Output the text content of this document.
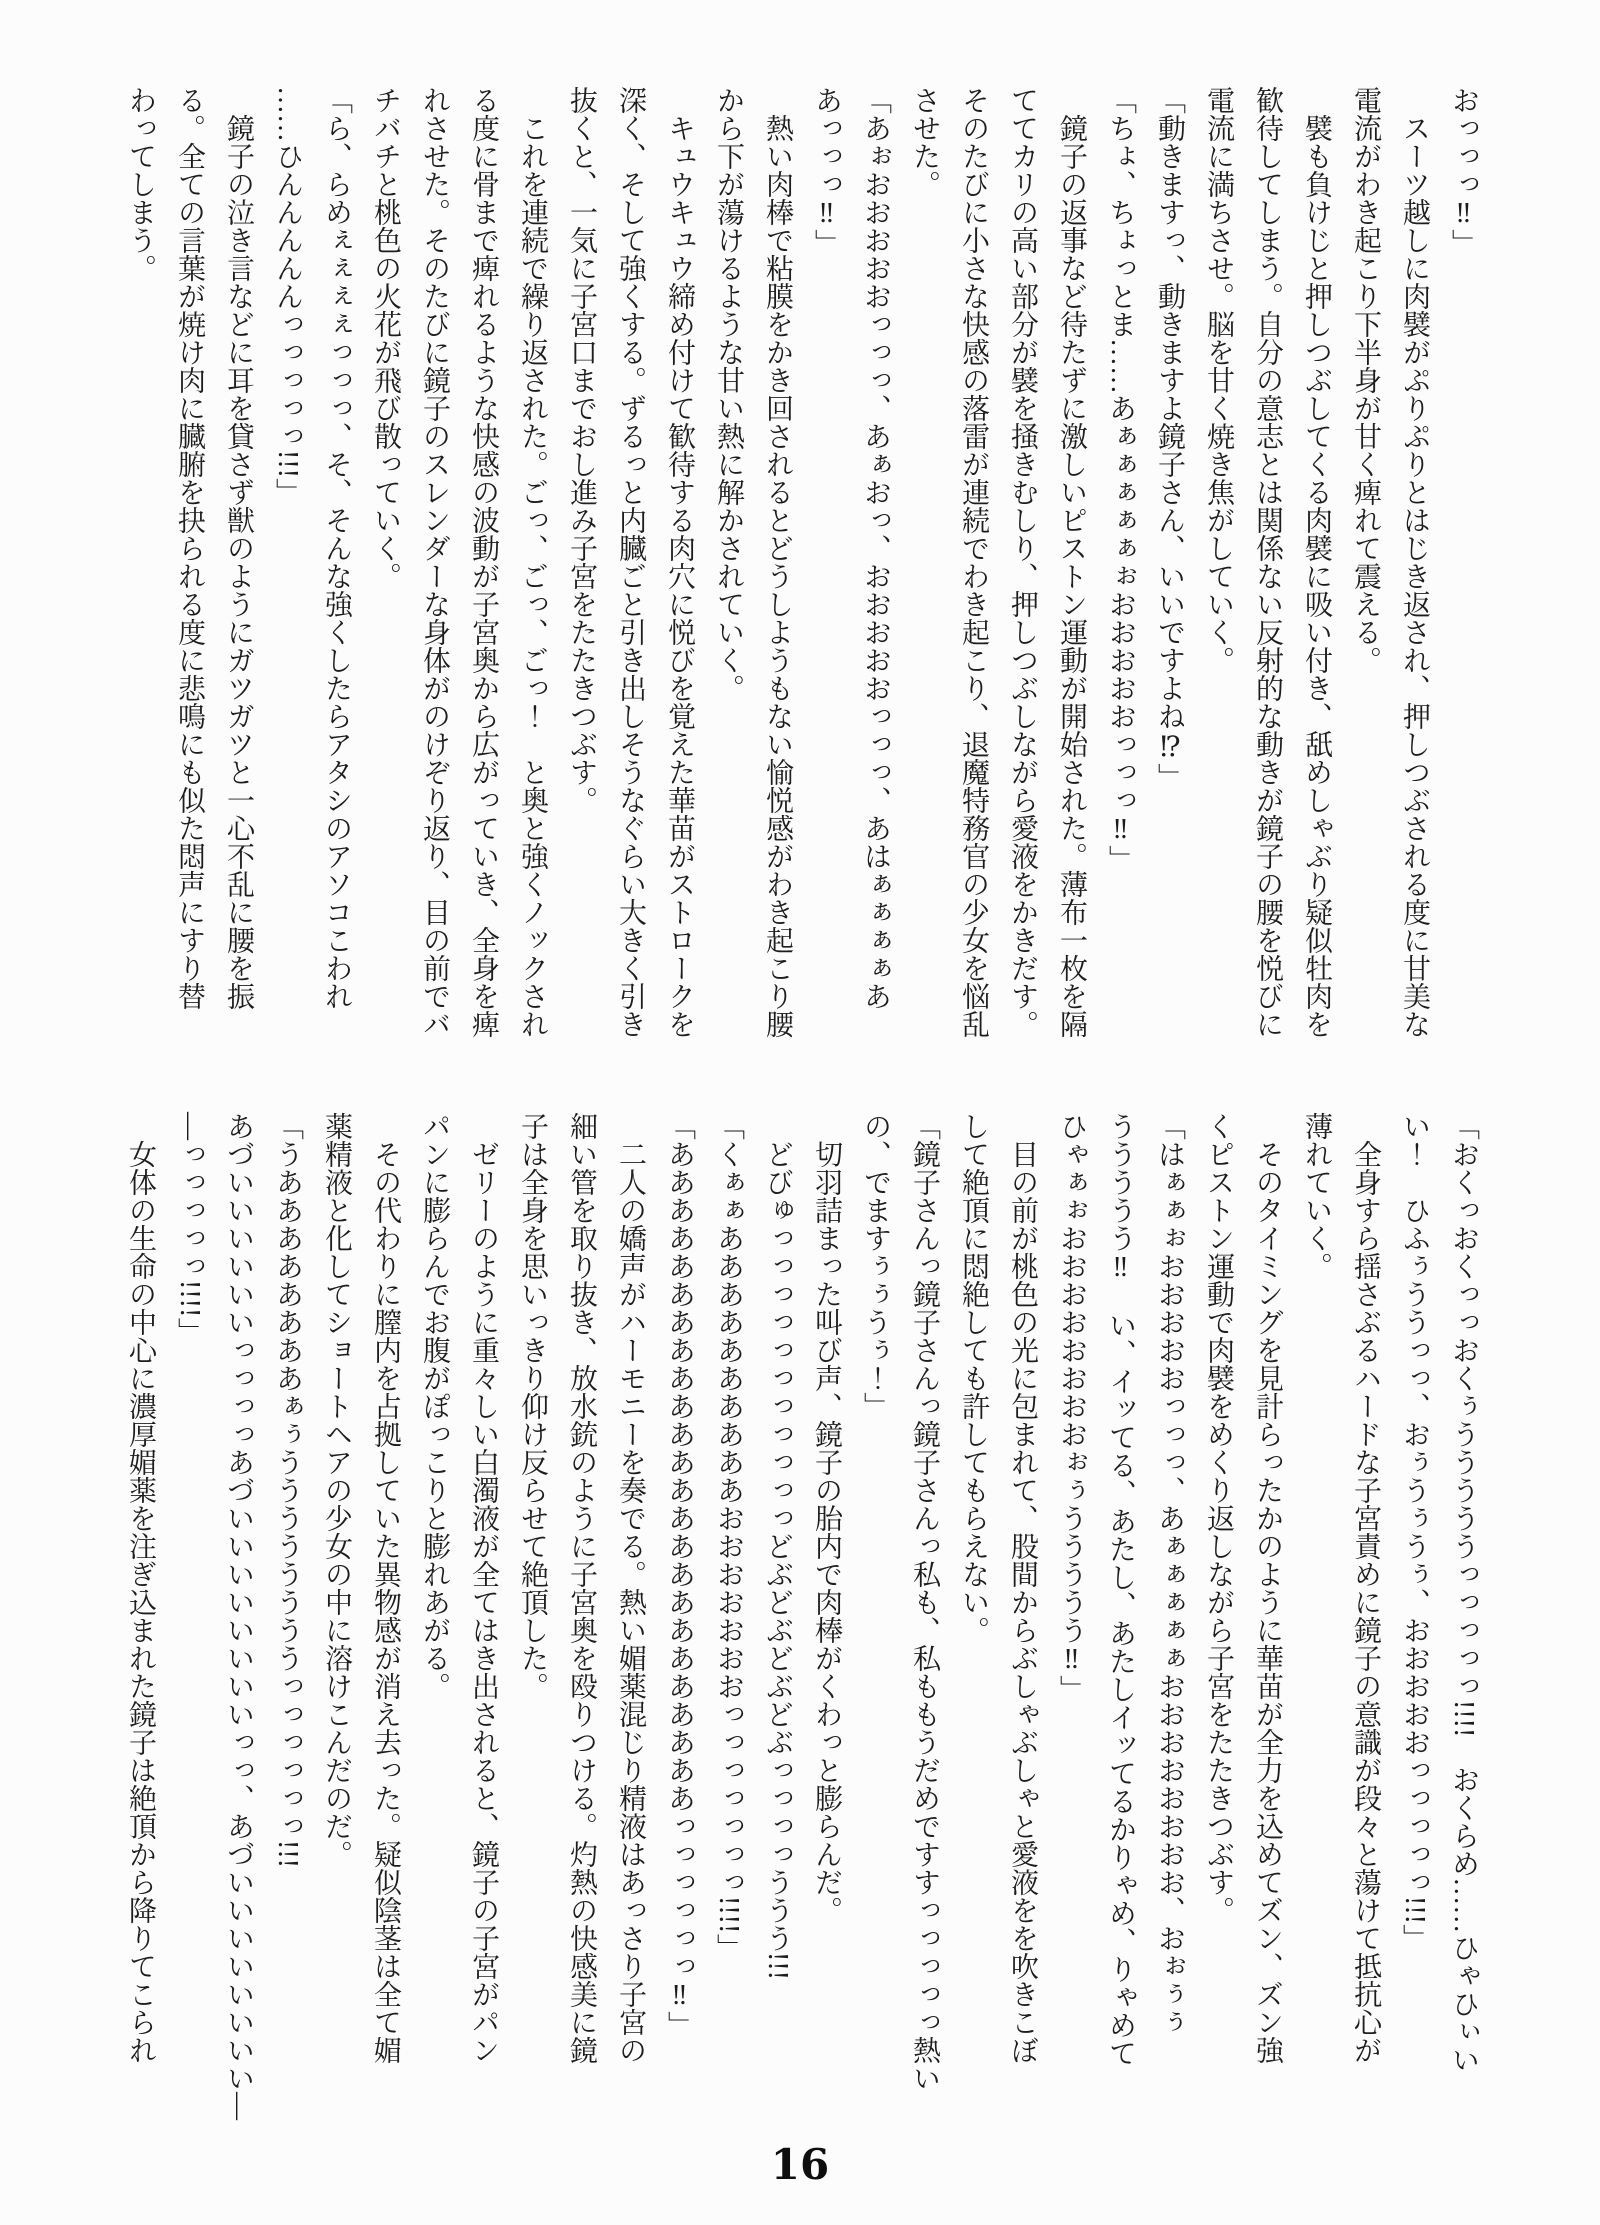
おっっっ‼」

スーツ越しに肉襞がぷりぷりとはじき返され、押しつぶされる度に甘美な

電流がわき起こり下半身が甘く痺れて震える。

襞も負けじと押しつぶしてくる肉襞に吸い付き、舐めしゃぶり疑似牡肉を

歓待してしまう。自分の意志とは関係ない反射的な動きが鏡子の腰を悦びに

電流に満ちさせ。脳を甘く焼き焦がしていく。

「動きますっ、動きますよ鏡子さん、いいですよね⁉」

「ちょ、ちょっとま……あぁぁぁぁぁぉおおおおおっっっ‼」

鏡子の返事など待たずに激しいピストン運動が開始された。薄布一枚を隔

ててカリの高い部分が襞を掻きむしり、押しつぶしながら愛液をかきだす。

そのたびに小さな快感の落雷が連続でわき起こり、退魔特務官の少女を悩乱

させた。

「あぉおおおおおっっっ、あぁおっ、おおおおおっっっ、あはぁぁぁぁあ

あっっっ‼」

熱い肉棒で粘膜をかき回されるとどうしようもない愉悦感がわき起こり腰

から下が蕩けるような甘い熱に解かされていく。

キュウキュウ締め付けて歓待する肉穴に悦びを覚えた華苗がストロークを

深く、そして強くする。ずるっと内臓ごと引き出しそうなぐらい大きく引き

抜くと、一気に子宮口までおし進み子宮をたたきつぶす。

これを連続で繰り返された。ごっ、ごっ、ごっ！　と奥と強くノックされ

る度に骨まで痺れるような快感の波動が子宮奥から広がっていき、全身を痺

れさせた。そのたびに鏡子のスレンダーな身体がのけぞり返り、目の前でバ

チバチと桃色の火花が飛び散っていく。

「ら、らめぇぇぇぇっっっ、そ、そんな強くしたらアタシのアソコこわれ

……ひんんんんんっっっっっ!!!」

鏡子の泣き言などに耳を貸さず獣のようにガツガツと一心不乱に腰を振

る。全ての言葉が焼け肉に臓腑を抉られる度に悲鳴にも似た悶声にすり替

わってしまう。

「おくっおくっっおくぅうううううっっっっっ!!!!　おくらめ……ひゃひぃい

い！　ひふぅううっっ、おぅうぅうぅ、おおおおおっっっっっ!!!」

全身すら揺さぶるハードな子宮責めに鏡子の意識が段々と蕩けて抵抗心が

薄れていく。

そのタイミングを見計らったかのように華苗が全力を込めてズン、ズン強

くピストン運動で肉襞をめくり返しながら子宮をたたきつぶす。

「はぁぁぉおおおおおっっっ、あぁぁぁぁぁおおおおおおおお、おぉぅぅ

ううううう‼　い、イッてる、あたし、あたしイッてるかりゃめ、りゃめて

ひゃぁぉおおおおおおおおぉぅううううう‼」

目の前が桃色の光に包まれて、股間からぶしゃぶしゃと愛液をを吹きこぼ

して絶頂に悶絶しても許してもらえない。

「鏡子さんっ鏡子さんっ鏡子さんっ私も、私ももうだめですすっっっっっ熱い

の、でますぅぅうぅ！」

切羽詰まった叫び声、鏡子の胎内で肉棒がくわっと膨らんだ。

どびゅっっっっっっっっっっっどぶどぶどぶどぶっっっっううう!!!

「くぁぁああああああああああおおおおおおおっっっっっっっ!!!!」

「ああああああああああああああああああああああああっっっっっっ‼」

二人の嬌声がハーモニーを奏でる。熱い媚薬混じり精液はあっさり子宮の

細い管を取り抜き、放水銃のように子宮奥を殴りつける。灼熱の快感美に鏡

子は全身を思いっきり仰け反らせて絶頂した。

ゼリーのように重々しい白濁液が全てはき出されると、鏡子の子宮がパン

パンに膨らんでお腹がぽっこりと膨れあがる。

その代わりに膣内を占拠していた異物感が消え去った。疑似陰茎は全て媚

薬精液と化してショートヘアの少女の中に溶けこんだのだ。

「うああああああああぁぅううううううううっっっっっっ!!!

あづいいいいいいっっっっあづいいいいいいいいっっ、あづいいいいいいいい―

―っっっっっ!!!!」

女体の生命の中心に濃厚媚薬を注ぎ込まれた鏡子は絶頂から降りてこられ

16
